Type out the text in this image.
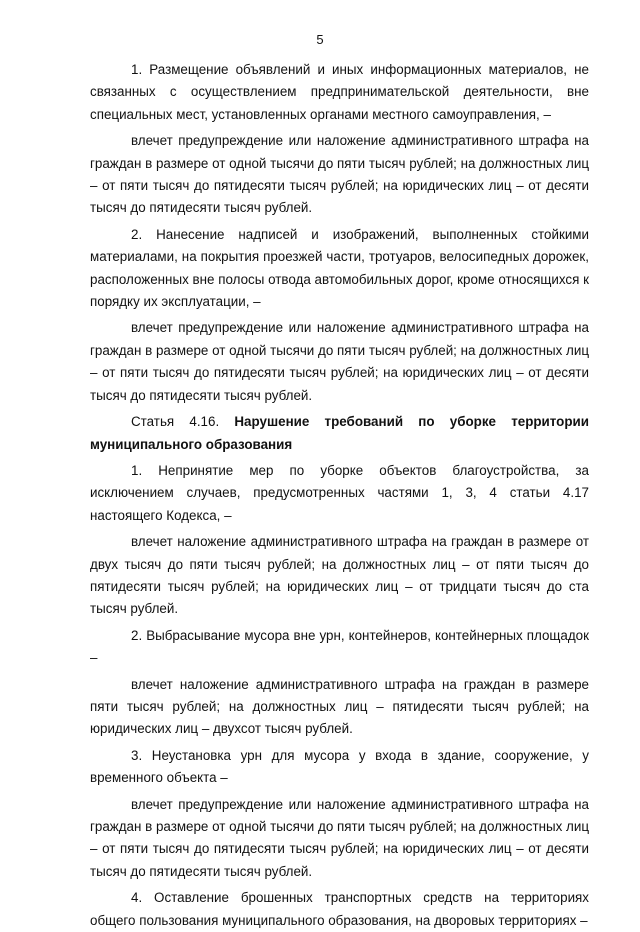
5

1. Размещение объявлений и иных информационных материалов, не связанных с осуществлением предпринимательской деятельности, вне специальных мест, установленных органами местного самоуправления, –

влечет предупреждение или наложение административного штрафа на граждан в размере от одной тысячи до пяти тысяч рублей; на должностных лиц – от пяти тысяч до пятидесяти тысяч рублей; на юридических лиц – от десяти тысяч до пятидесяти тысяч рублей.

2. Нанесение надписей и изображений, выполненных стойкими материалами, на покрытия проезжей части, тротуаров, велосипедных дорожек, расположенных вне полосы отвода автомобильных дорог, кроме относящихся к порядку их эксплуатации, –

влечет предупреждение или наложение административного штрафа на граждан в размере от одной тысячи до пяти тысяч рублей; на должностных лиц – от пяти тысяч до пятидесяти тысяч рублей; на юридических лиц – от десяти тысяч до пятидесяти тысяч рублей.

Статья 4.16. Нарушение требований по уборке территории муниципального образования

1. Непринятие мер по уборке объектов благоустройства, за исключением случаев, предусмотренных частями 1, 3, 4 статьи 4.17 настоящего Кодекса, –

влечет наложение административного штрафа на граждан в размере от двух тысяч до пяти тысяч рублей; на должностных лиц – от пяти тысяч до пятидесяти тысяч рублей; на юридических лиц – от тридцати тысяч до ста тысяч рублей.

2. Выбрасывание мусора вне урн, контейнеров, контейнерных площадок –

влечет наложение административного штрафа на граждан в размере пяти тысяч рублей; на должностных лиц – пятидесяти тысяч рублей; на юридических лиц – двухсот тысяч рублей.

3. Неустановка урн для мусора у входа в здание, сооружение, у временного объекта –

влечет предупреждение или наложение административного штрафа на граждан в размере от одной тысячи до пяти тысяч рублей; на должностных лиц – от пяти тысяч до пятидесяти тысяч рублей; на юридических лиц – от десяти тысяч до пятидесяти тысяч рублей.

4. Оставление брошенных транспортных средств на территориях общего пользования муниципального образования, на дворовых территориях –
